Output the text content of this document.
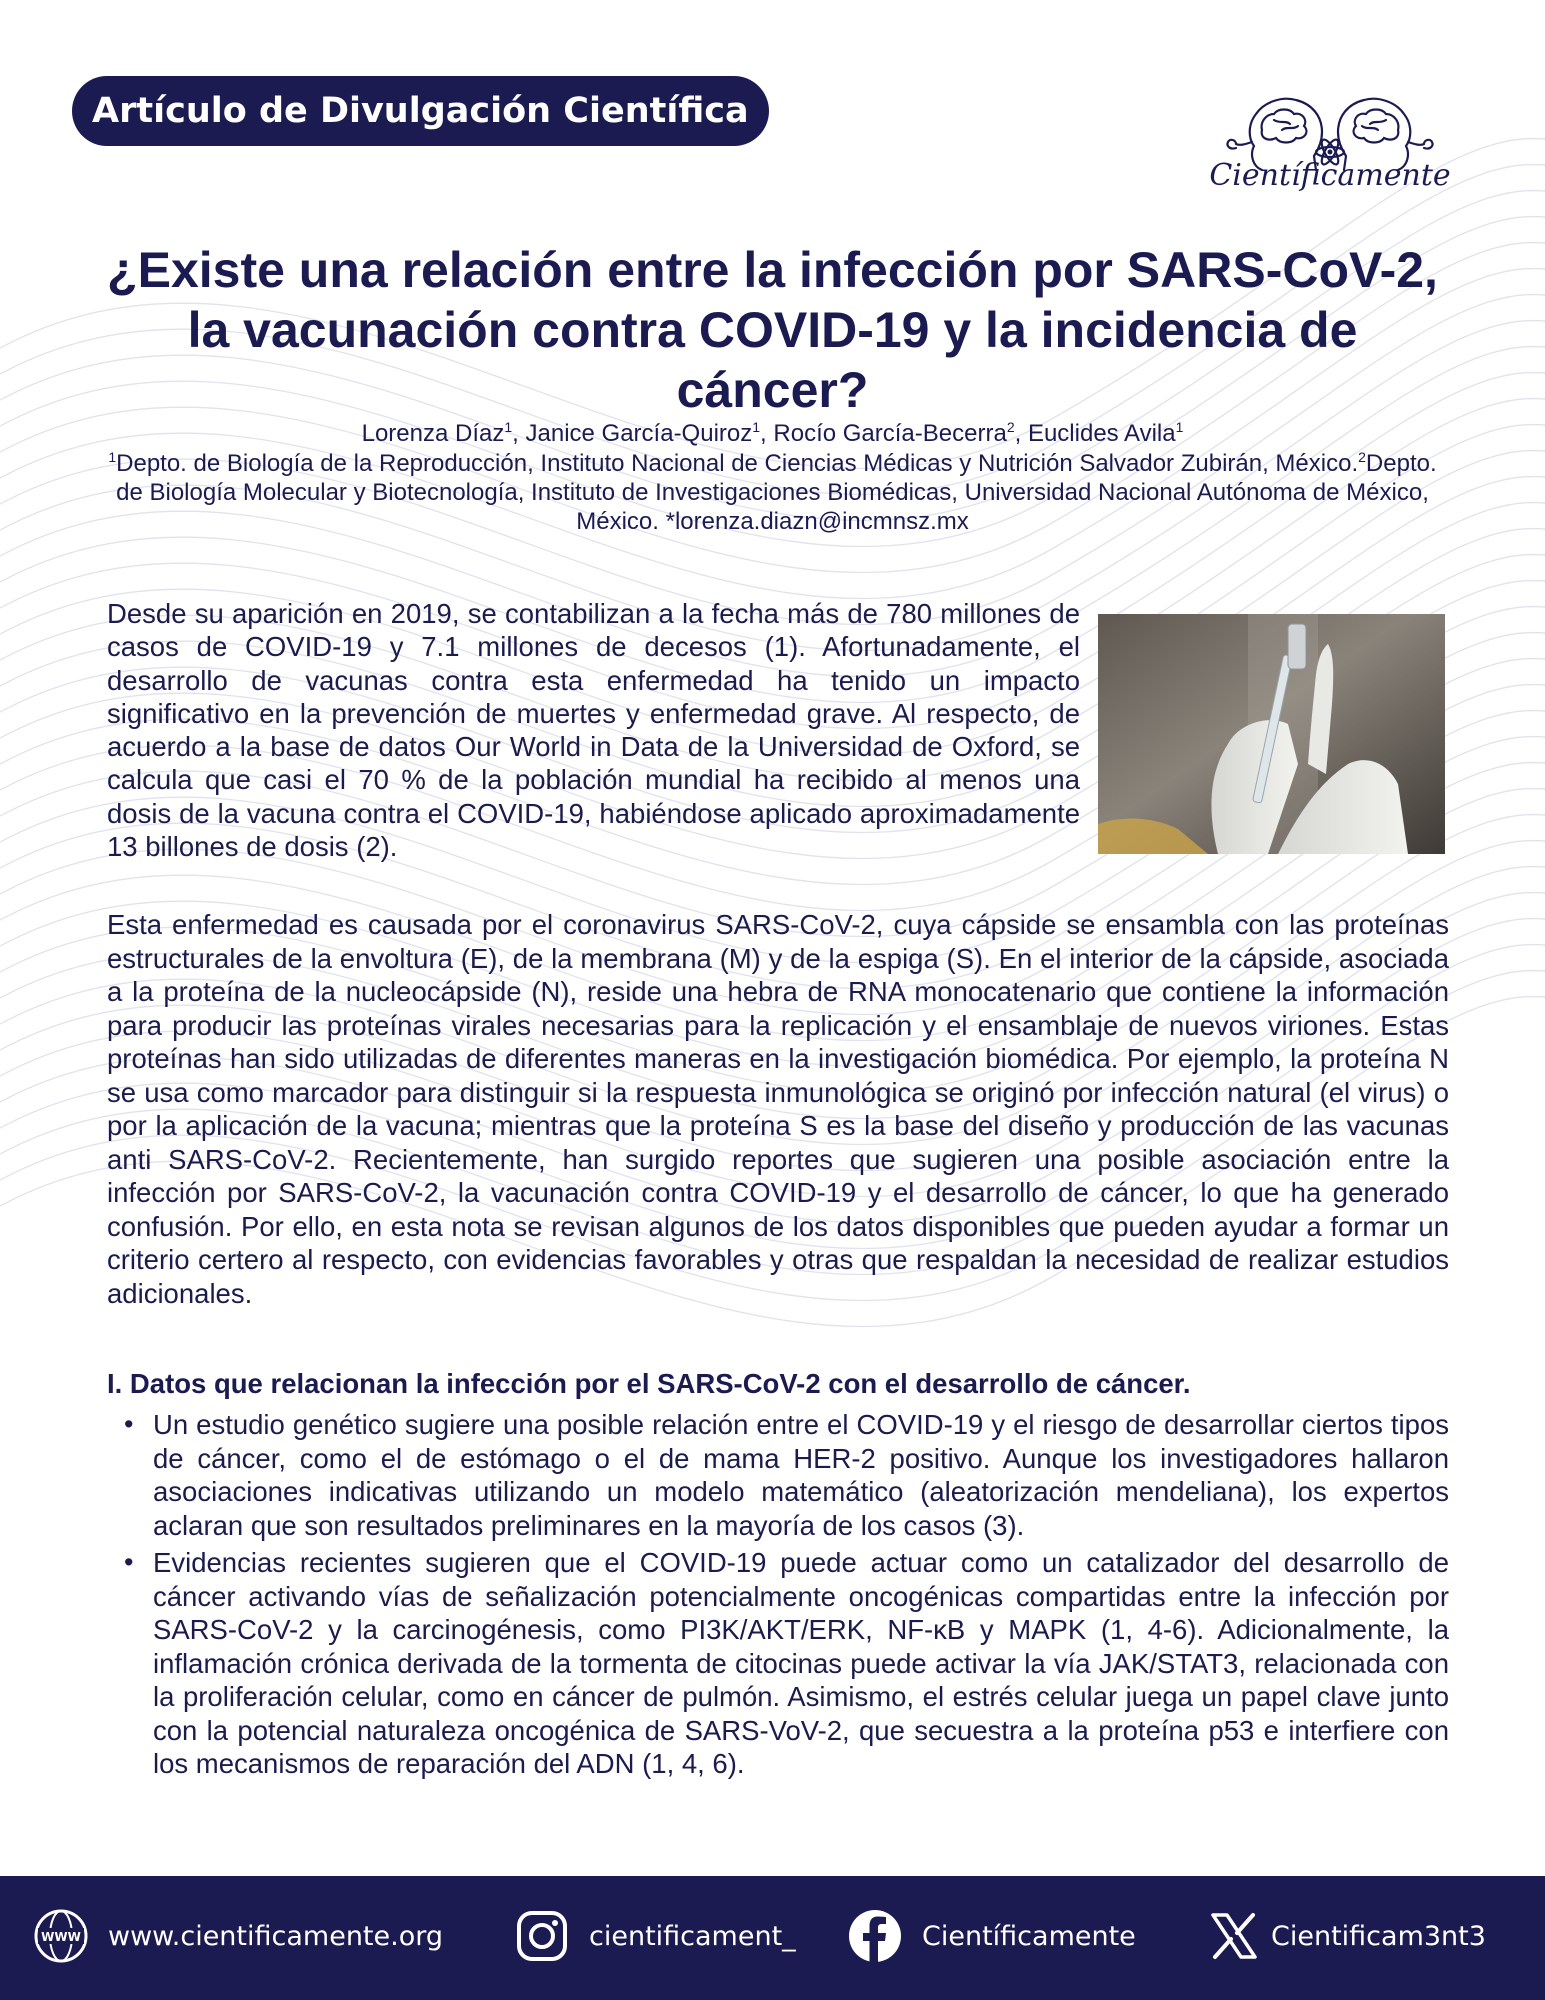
Artículo de Divulgación Científica
Científicamente
¿Existe una relación entre la infección por SARS-CoV-2, la vacunación contra COVID-19 y la incidencia de cáncer?
Lorenza Díaz$^1$, Janice García-Quiroz$^1$, Rocío García-Becerra$^2$, Euclides Avila$^1$
$^1$Depto. de Biología de la Reproducción, Instituto Nacional de Ciencias Médicas y Nutrición Salvador Zubirán, México.$^2$Depto. de Biología Molecular y Biotecnología, Instituto de Investigaciones Biomédicas, Universidad Nacional Autónoma de México, México. *lorenza.diazn@incmnsz.mx

Desde su aparición en 2019, se contabilizan a la fecha más de 780 millones de casos de COVID-19 y 7.1 millones de decesos (1). Afortunadamente, el desarrollo de vacunas contra esta enfermedad ha tenido un impacto significativo en la prevención de muertes y enfermedad grave. Al respecto, de acuerdo a la base de datos Our World in Data de la Universidad de Oxford, se calcula que casi el 70 % de la población mundial ha recibido al menos una dosis de la vacuna contra el COVID-19, habiéndose aplicado aproximadamente 13 billones de dosis (2).

Esta enfermedad es causada por el coronavirus SARS-CoV-2, cuya cápside se ensambla con las proteínas estructurales de la envoltura (E), de la membrana (M) y de la espiga (S). En el interior de la cápside, asociada a la proteína de la nucleocápside (N), reside una hebra de RNA monocatenario que contiene la información para producir las proteínas virales necesarias para la replicación y el ensamblaje de nuevos viriones. Estas proteínas han sido utilizadas de diferentes maneras en la investigación biomédica. Por ejemplo, la proteína N se usa como marcador para distinguir si la respuesta inmunológica se originó por infección natural (el virus) o por la aplicación de la vacuna; mientras que la proteína S es la base del diseño y producción de las vacunas anti SARS-CoV-2. Recientemente, han surgido reportes que sugieren una posible asociación entre la infección por SARS-CoV-2, la vacunación contra COVID-19 y el desarrollo de cáncer, lo que ha generado confusión. Por ello, en esta nota se revisan algunos de los datos disponibles que pueden ayudar a formar un criterio certero al respecto, con evidencias favorables y otras que respaldan la necesidad de realizar estudios adicionales.

I. Datos que relacionan la infección por el SARS-CoV-2 con el desarrollo de cáncer.
• Un estudio genético sugiere una posible relación entre el COVID-19 y el riesgo de desarrollar ciertos tipos de cáncer, como el de estómago o el de mama HER-2 positivo. Aunque los investigadores hallaron asociaciones indicativas utilizando un modelo matemático (aleatorización mendeliana), los expertos aclaran que son resultados preliminares en la mayoría de los casos (3).
• Evidencias recientes sugieren que el COVID-19 puede actuar como un catalizador del desarrollo de cáncer activando vías de señalización potencialmente oncogénicas compartidas entre la infección por SARS-CoV-2 y la carcinogénesis, como PI3K/AKT/ERK, NF-κB y MAPK (1, 4-6). Adicionalmente, la inflamación crónica derivada de la tormenta de citocinas puede activar la vía JAK/STAT3, relacionada con la proliferación celular, como en cáncer de pulmón. Asimismo, el estrés celular juega un papel clave junto con la potencial naturaleza oncogénica de SARS-VoV-2, que secuestra a la proteína p53 e interfiere con los mecanismos de reparación del ADN (1, 4, 6).
WWW www.cientificamente.org	cientificament_	Científicamente	Cientificam3nt3
